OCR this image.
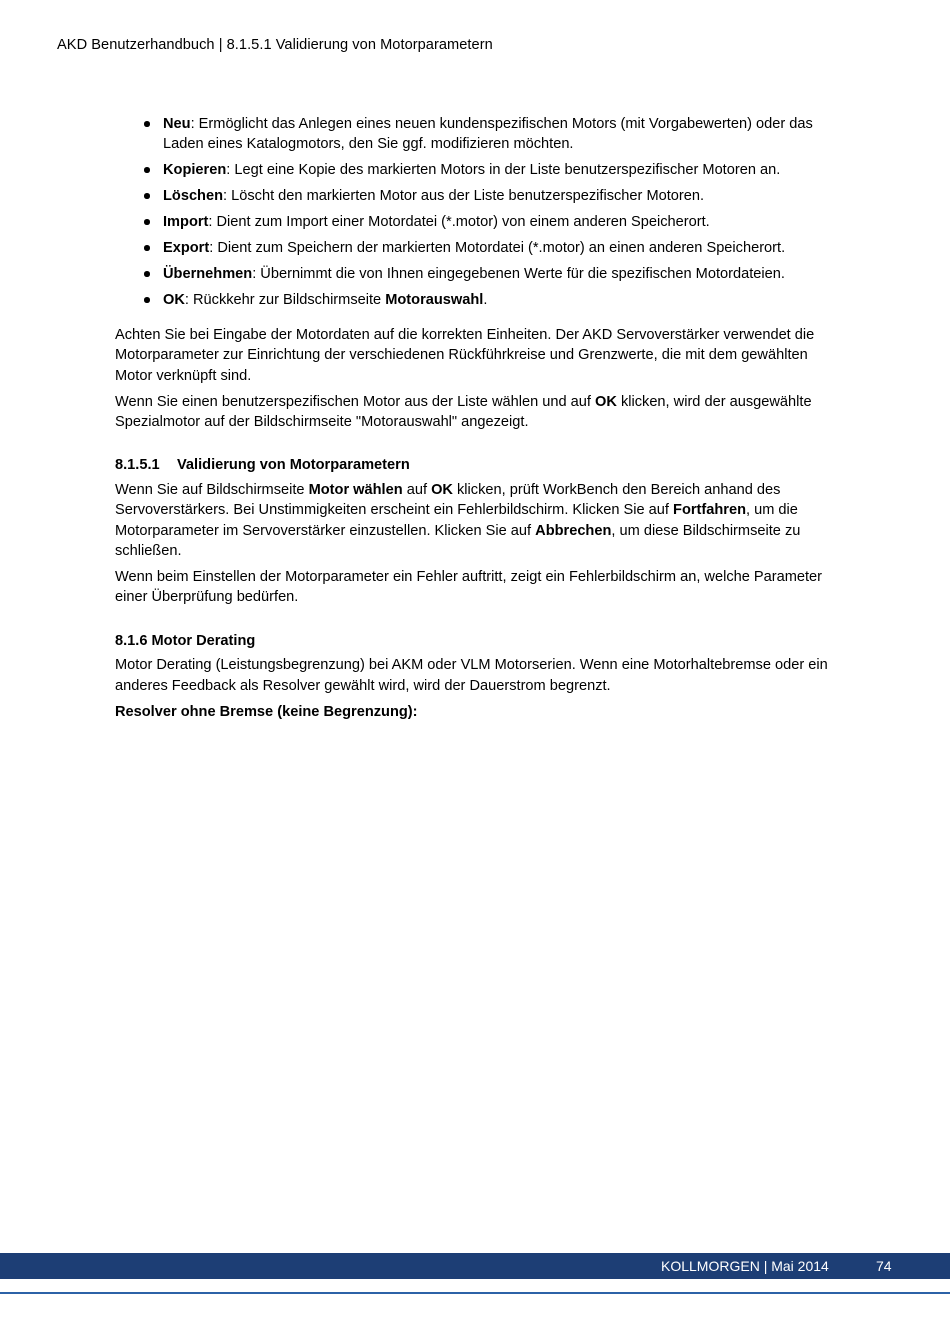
AKD Benutzerhandbuch | 8.1.5.1 Validierung von Motorparametern
Neu: Ermöglicht das Anlegen eines neuen kundenspezifischen Motors (mit Vorgabewerten) oder das Laden eines Katalogmotors, den Sie ggf. modifizieren möchten.
Kopieren: Legt eine Kopie des markierten Motors in der Liste benutzerspezifischer Motoren an.
Löschen: Löscht den markierten Motor aus der Liste benutzerspezifischer Motoren.
Import: Dient zum Import einer Motordatei (*.motor) von einem anderen Speicherort.
Export: Dient zum Speichern der markierten Motordatei (*.motor) an einen anderen Speicherort.
Übernehmen: Übernimmt die von Ihnen eingegebenen Werte für die spezifischen Motordateien.
OK: Rückkehr zur Bildschirmseite Motorauswahl.

Achten Sie bei Eingabe der Motordaten auf die korrekten Einheiten. Der AKD Servoverstärker verwendet die Motorparameter zur Einrichtung der verschiedenen Rückführkreise und Grenzwerte, die mit dem gewählten Motor verknüpft sind.

Wenn Sie einen benutzerspezifischen Motor aus der Liste wählen und auf OK klicken, wird der ausgewählte Spezialmotor auf der Bildschirmseite "Motorauswahl" angezeigt.

8.1.5.1 Validierung von Motorparametern

Wenn Sie auf Bildschirmseite Motor wählen auf OK klicken, prüft WorkBench den Bereich anhand des Servoverstärkers. Bei Unstimmigkeiten erscheint ein Fehlerbildschirm. Klicken Sie auf Fortfahren, um die Motorparameter im Servoverstärker einzustellen. Klicken Sie auf Abbrechen, um diese Bildschirmseite zu schließen.

Wenn beim Einstellen der Motorparameter ein Fehler auftritt, zeigt ein Fehlerbildschirm an, welche Parameter einer Überprüfung bedürfen.

8.1.6 Motor Derating

Motor Derating (Leistungsbegrenzung) bei AKM oder VLM Motorserien. Wenn eine Motorhaltebremse oder ein anderes Feedback als Resolver gewählt wird, wird der Dauerstrom begrenzt.

Resolver ohne Bremse (keine Begrenzung):

KOLLMORGEN | Mai 2014	74
